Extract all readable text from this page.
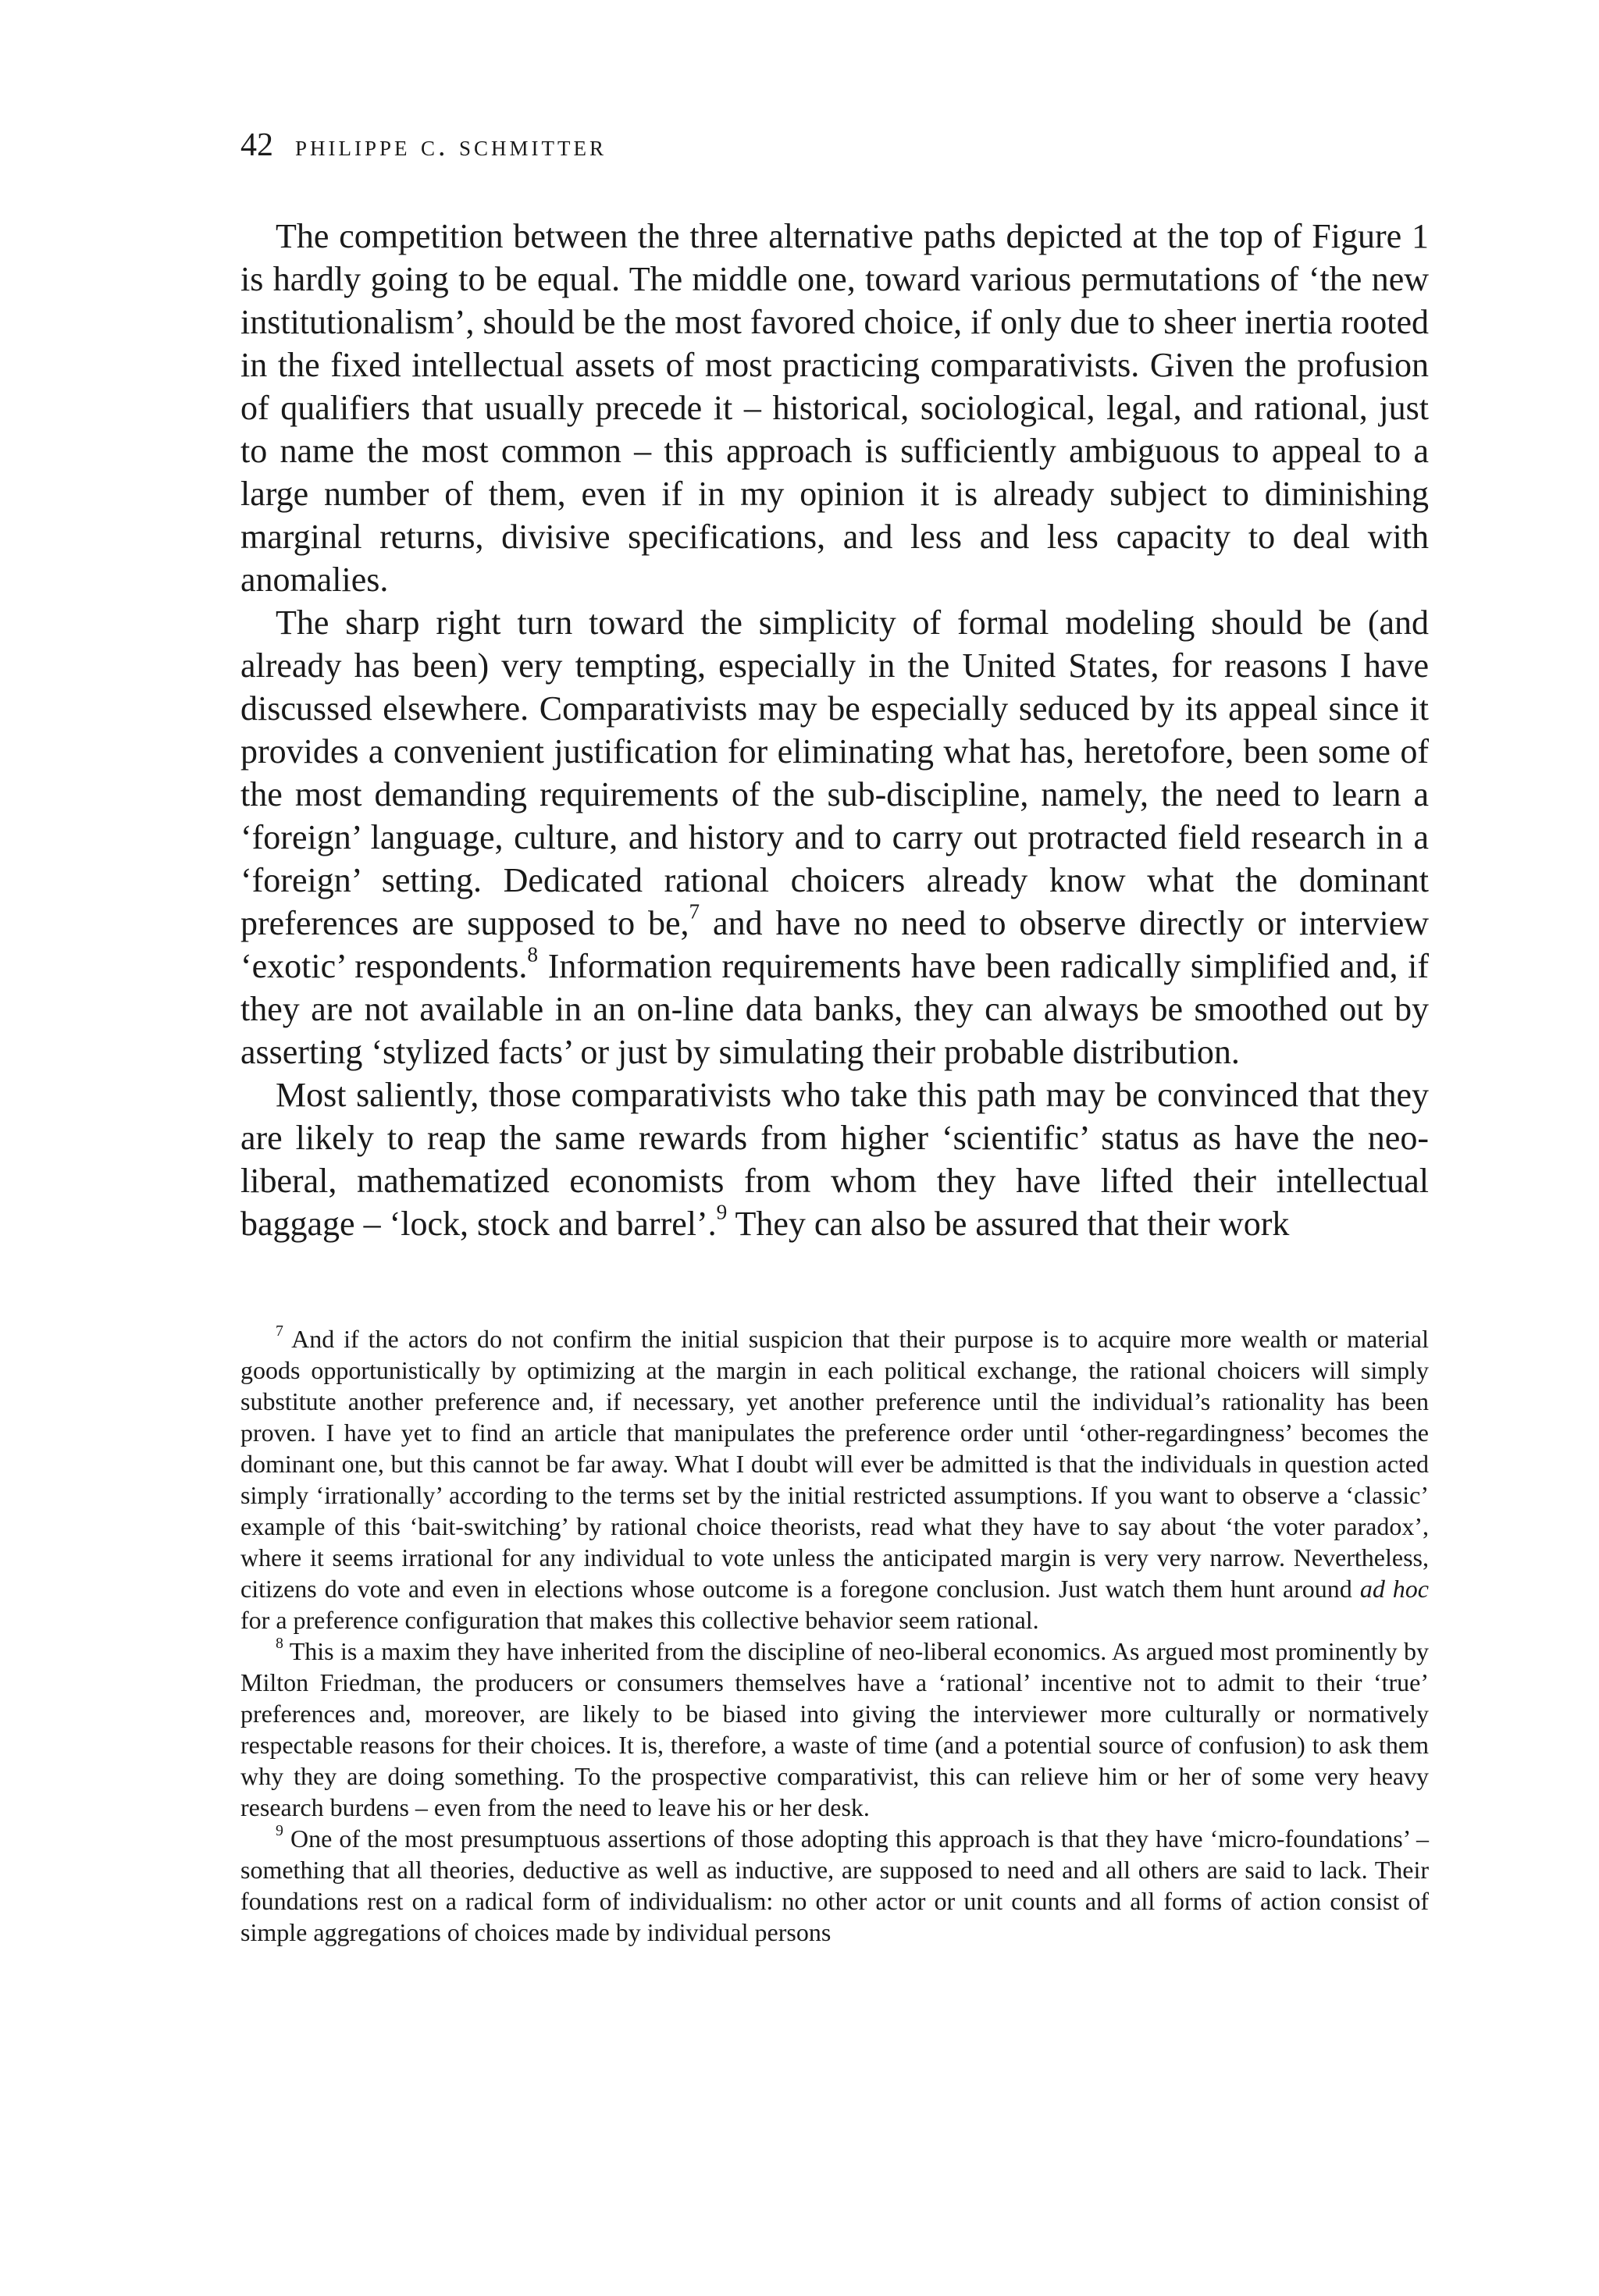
42 philippe c. schmitter

The competition between the three alternative paths depicted at the top of Figure 1 is hardly going to be equal. The middle one, toward various permutations of ‘the new institutionalism’, should be the most favored choice, if only due to sheer inertia rooted in the fixed intellectual assets of most practicing comparativists. Given the profusion of qualifiers that usually precede it – historical, sociological, legal, and rational, just to name the most common – this approach is sufficiently ambiguous to appeal to a large number of them, even if in my opinion it is already subject to diminishing marginal returns, divisive specifications, and less and less capacity to deal with anomalies.

The sharp right turn toward the simplicity of formal modeling should be (and already has been) very tempting, especially in the United States, for reasons I have discussed elsewhere. Comparativists may be especially seduced by its appeal since it provides a convenient justification for eliminating what has, heretofore, been some of the most demanding requirements of the sub-discipline, namely, the need to learn a ‘foreign’ language, culture, and history and to carry out protracted field research in a ‘foreign’ setting. Dedicated rational choicers already know what the dominant preferences are supposed to be,$^7$ and have no need to observe directly or interview ‘exotic’ respondents.$^8$ Information requirements have been radically simplified and, if they are not available in an on-line data banks, they can always be smoothed out by asserting ‘stylized facts’ or just by simulating their probable distribution.

Most saliently, those comparativists who take this path may be convinced that they are likely to reap the same rewards from higher ‘scientific’ status as have the neo-liberal, mathematized economists from whom they have lifted their intellectual baggage – ‘lock, stock and barrel’.$^9$ They can also be assured that their work

$^7$ And if the actors do not confirm the initial suspicion that their purpose is to acquire more wealth or material goods opportunistically by optimizing at the margin in each political exchange, the rational choicers will simply substitute another preference and, if necessary, yet another preference until the individual’s rationality has been proven. I have yet to find an article that manipulates the preference order until ‘other-regardingness’ becomes the dominant one, but this cannot be far away. What I doubt will ever be admitted is that the individuals in question acted simply ‘irrationally’ according to the terms set by the initial restricted assumptions. If you want to observe a ‘classic’ example of this ‘bait-switching’ by rational choice theorists, read what they have to say about ‘the voter paradox’, where it seems irrational for any individual to vote unless the anticipated margin is very very narrow. Nevertheless, citizens do vote and even in elections whose outcome is a foregone conclusion. Just watch them hunt around ad hoc for a preference configuration that makes this collective behavior seem rational.

$^8$ This is a maxim they have inherited from the discipline of neo-liberal economics. As argued most prominently by Milton Friedman, the producers or consumers themselves have a ‘rational’ incentive not to admit to their ‘true’ preferences and, moreover, are likely to be biased into giving the interviewer more culturally or normatively respectable reasons for their choices. It is, therefore, a waste of time (and a potential source of confusion) to ask them why they are doing something. To the prospective comparativist, this can relieve him or her of some very heavy research burdens – even from the need to leave his or her desk.

$^9$ One of the most presumptuous assertions of those adopting this approach is that they have ‘micro-foundations’ – something that all theories, deductive as well as inductive, are supposed to need and all others are said to lack. Their foundations rest on a radical form of individualism: no other actor or unit counts and all forms of action consist of simple aggregations of choices made by individual persons
